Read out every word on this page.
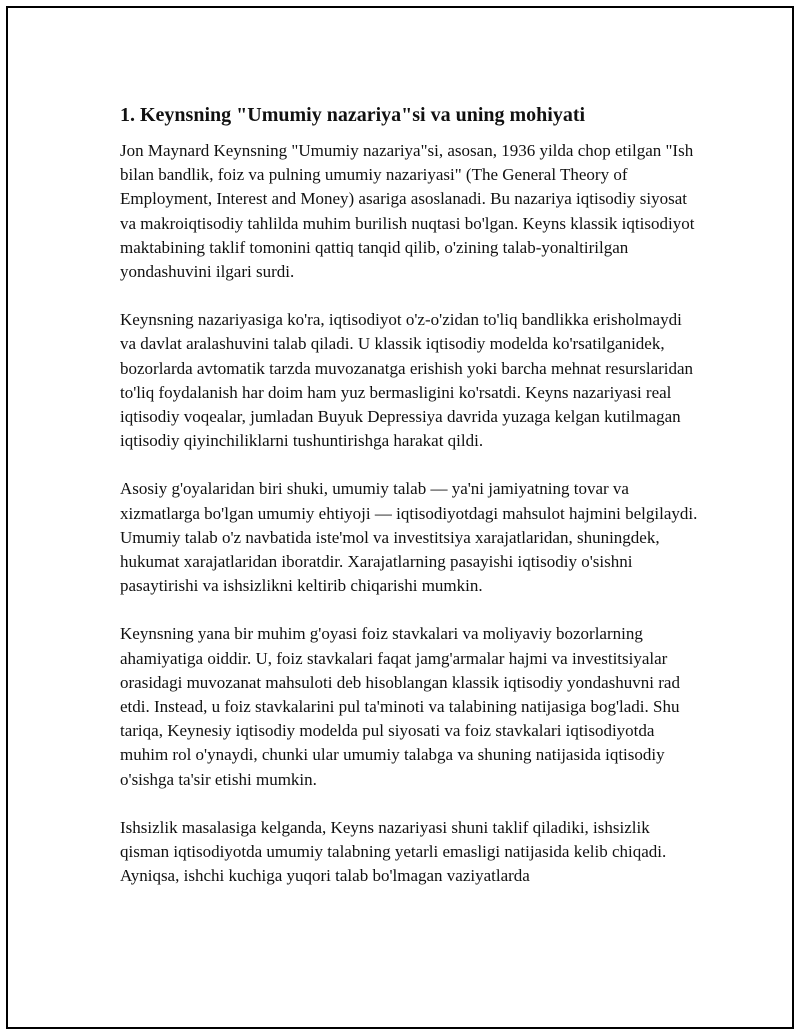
1. Keynsning "Umumiy nazariya"si va uning mohiyati

Jon Maynard Keynsning "Umumiy nazariya"si, asosan, 1936 yilda chop etilgan "Ish bilan bandlik, foiz va pulning umumiy nazariyasi" (The General Theory of Employment, Interest and Money) asariga asoslanadi. Bu nazariya iqtisodiy siyosat va makroiqtisodiy tahlilda muhim burilish nuqtasi bo'lgan. Keyns klassik iqtisodiyot maktabining taklif tomonini qattiq tanqid qilib, o'zining talab-yonaltirilgan yondashuvini ilgari surdi.

Keynsning nazariyasiga ko'ra, iqtisodiyot o'z-o'zidan to'liq bandlikka erisholmaydi va davlat aralashuvini talab qiladi. U klassik iqtisodiy modelda ko'rsatilganidek, bozorlarda avtomatik tarzda muvozanatga erishish yoki barcha mehnat resurslaridan to'liq foydalanish har doim ham yuz bermasligini ko'rsatdi. Keyns nazariyasi real iqtisodiy voqealar, jumladan Buyuk Depressiya davrida yuzaga kelgan kutilmagan iqtisodiy qiyinchiliklarni tushuntirishga harakat qildi.

Asosiy g'oyalaridan biri shuki, umumiy talab — ya'ni jamiyatning tovar va xizmatlarga bo'lgan umumiy ehtiyoji — iqtisodiyotdagi mahsulot hajmini belgilaydi. Umumiy talab o'z navbatida iste'mol va investitsiya xarajatlaridan, shuningdek, hukumat xarajatlaridan iboratdir. Xarajatlarning pasayishi iqtisodiy o'sishni pasaytirishi va ishsizlikni keltirib chiqarishi mumkin.

Keynsning yana bir muhim g'oyasi foiz stavkalari va moliyaviy bozorlarning ahamiyatiga oiddir. U, foiz stavkalari faqat jamg'armalar hajmi va investitsiyalar orasidagi muvozanat mahsuloti deb hisoblangan klassik iqtisodiy yondashuvni rad etdi. Instead, u foiz stavkalarini pul ta'minoti va talabining natijasiga bog'ladi. Shu tariqa, Keynesiy iqtisodiy modelda pul siyosati va foiz stavkalari iqtisodiyotda muhim rol o'ynaydi, chunki ular umumiy talabga va shuning natijasida iqtisodiy o'sishga ta'sir etishi mumkin.

Ishsizlik masalasiga kelganda, Keyns nazariyasi shuni taklif qiladiki, ishsizlik qisman iqtisodiyotda umumiy talabning yetarli emasligi natijasida kelib chiqadi. Ayniqsa, ishchi kuchiga yuqori talab bo'lmagan vaziyatlarda
